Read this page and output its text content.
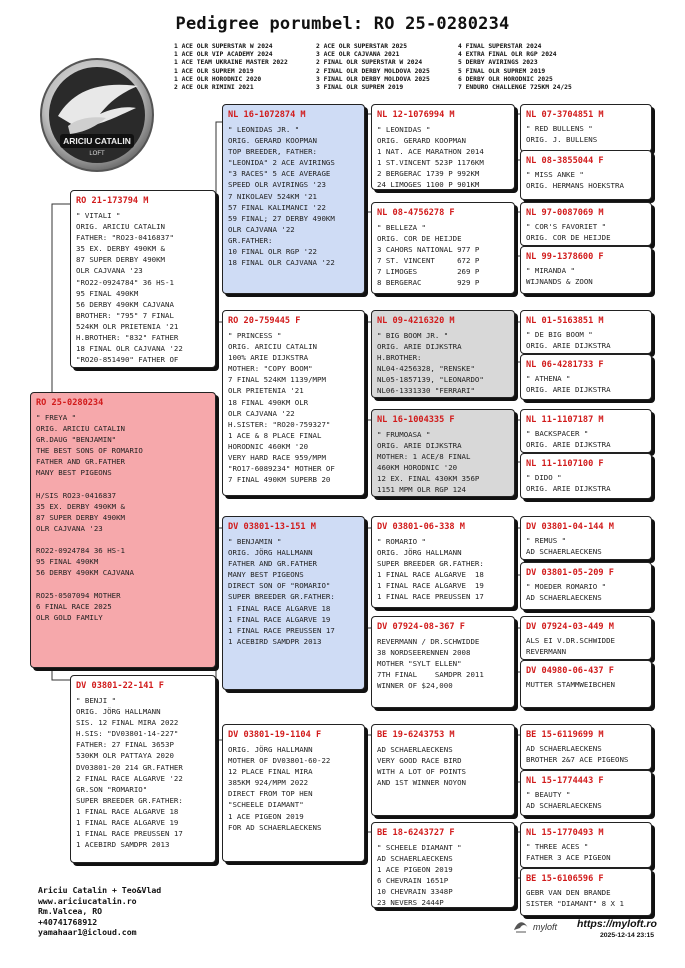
Pedigree porumbel: RO 25-0280234
1 ACE OLR SUPERSTAR W 2024
1 ACE OLR VIP ACADEMY 2024
1 ACE TEAM UKRAINE MASTER 2022
1 ACE OLR SUPREM 2019
1 ACE OLR HORODNIC 2020
2 ACE OLR RIMINI 2021
2 ACE OLR SUPERSTAR 2025
3 ACE OLR CAJVANA 2021
2 FINAL OLR SUPERSTAR W 2024
2 FINAL OLR DERBY MOLDOVA 2025
3 FINAL OLR DERBY MOLDOVA 2025
3 FINAL OLR SUPREM 2019
4 FINAL SUPERSTAR 2024
4 EXTRA FINAL OLR RGP 2024
5 DERBY AVIRINGS 2023
5 FINAL OLR SUPREM 2019
6 DERBY OLR HORODNIC 2025
7 ENDURO CHALLENGE 725KM 24/25
ARICIU CATALIN
LOFT
RO 25-0280234
" FREYA "
ORIG. ARICIU CATALIN
GR.DAUG "BENJAMIN"
THE BEST SONS OF ROMARIO
FATHER AND GR.FATHER
MANY BEST PIGEONS
H/SIS RO23-0416837
35 EX. DERBY 490KM &
87 SUPER DERBY 490KM
OLR CAJVANA '23
RO22-0924784 36 HS-1
95 FINAL 490KM
56 DERBY 490KM CAJVANA
RO25-0507094 MOTHER
6 FINAL RACE 2025
OLR GOLD FAMILY
RO 21-173794 M
" VITALI "
ORIG. ARICIU CATALIN
FATHER: "RO23-0416837"
35 EX. DERBY 490KM &
87 SUPER DERBY 490KM
OLR CAJVANA '23
"RO22-0924784" 36 HS-1
95 FINAL 490KM
56 DERBY 490KM CAJVANA
BROTHER: "795" 7 FINAL
524KM OLR PRIETENIA '21
H.BROTHER: "832" FATHER
18 FINAL OLR CAJVANA '22
"RO20-851490" FATHER OF
DV 03801-22-141 F
" BENJI "
ORIG. JÖRG HALLMANN
SIS. 12 FINAL MIRA 2022
H.SIS: "DV03801-14-227"
FATHER: 27 FINAL 3653P
530KM OLR PATTAYA 2020
DV03801-20 214 GR.FATHER
2 FINAL RACE ALGARVE '22
GR.SON "ROMARIO"
SUPER BREEDER GR.FATHER:
1 FINAL RACE ALGARVE 18
1 FINAL RACE ALGARVE 19
1 FINAL RACE PREUSSEN 17
1 ACEBIRD SAMDPR 2013
NL 16-1072874 M
" LEONIDAS JR. "
ORIG. GERARD KOOPMAN
TOP BREEDER, FATHER:
"LEONIDA" 2 ACE AVIRINGS
"3 RACES" 5 ACE AVERAGE
SPEED OLR AVIRINGS '23
7 NIKOLAEV 524KM '21
57 FINAL KALIMANCI '22
59 FINAL; 27 DERBY 490KM
OLR CAJVANA '22
GR.FATHER:
10 FINAL OLR RGP '22
18 FINAL OLR CAJVANA '22
RO 20-759445 F
" PRINCESS "
ORIG. ARICIU CATALIN
100% ARIE DIJKSTRA
MOTHER: "COPY BOOM"
7 FINAL 524KM 1139/MPM
OLR PRIETENIA '21
18 FINAL 490KM OLR
OLR CAJVANA '22
H.SISTER: "RO20-759327"
1 ACE & 8 PLACE FINAL
HORODNIC 460KM '20
VERY HARD RACE 959/MPM
"RO17-6089234" MOTHER OF
7 FINAL 490KM SUPERB 20
DV 03801-13-151 M
" BENJAMIN "
ORIG. JÖRG HALLMANN
FATHER AND GR.FATHER
MANY BEST PIGEONS
DIRECT SON OF "ROMARIO"
SUPER BREEDER GR.FATHER:
1 FINAL RACE ALGARVE 18
1 FINAL RACE ALGARVE 19
1 FINAL RACE PREUSSEN 17
1 ACEBIRD SAMDPR 2013
DV 03801-19-1104 F
ORIG. JÖRG HALLMANN
MOTHER OF DV03801-60-22
12 PLACE FINAL MIRA
385KM 924/MPM 2022
DIRECT FROM TOP HEN
"SCHEELE DIAMANT"
1 ACE PIGEON 2019
FOR AD SCHAERLAECKENS
NL 12-1076994 M
" LEONIDAS "
ORIG. GERARD KOOPMAN
1 NAT. ACE MARATHON 2014
1 ST.VINCENT 523P 1176KM
2 BERGERAC 1739 P 992KM
24 LIMOGES 1100 P 901KM
NL 08-4756278 F
" BELLEZA "
ORIG. COR DE HEIJDE
3 CAHORS NATIONAL 977 P
7 ST. VINCENT     672 P
7 LIMOGES         269 P
8 BERGERAC        929 P
NL 09-4216320 M
" BIG BOOM JR. "
ORIG. ARIE DIJKSTRA
H.BROTHER:
NL04-4256328, "RENSKE"
NL05-1857139, "LEONARDO"
NL06-1331330 "FERRARI"
NL 16-1004335 F
" FRUMOASA "
ORIG. ARIE DIJKSTRA
MOTHER: 1 ACE/8 FINAL
460KM HORODNIC '20
12 EX. FINAL 430KM 356P
1151 MPM OLR RGP 124
DV 03801-06-338 M
" ROMARIO "
ORIG. JÖRG HALLMANN
SUPER BREEDER GR.FATHER:
1 FINAL RACE ALGARVE  18
1 FINAL RACE ALGARVE  19
1 FINAL RACE PREUSSEN 17
DV 07924-08-367 F
REVERMANN / DR.SCHWIDDE
38 NORDSEERENNEN 2008
MOTHER "SYLT ELLEN"
7TH FINAL    SAMDPR 2011
WINNER OF $24,000
BE 19-6243753 M
AD SCHAERLAECKENS
VERY GOOD RACE BIRD
WITH A LOT OF POINTS
AND 1ST WINNER NOYON
BE 18-6243727 F
" SCHEELE DIAMANT "
AD SCHAERLAECKENS
1 ACE PIGEON 2019
6 CHEVRAIN 1651P
10 CHEVRAIN 3348P
23 NEVERS 2444P
NL 07-3704851 M
" RED BULLENS "
ORIG. J. BULLENS
NL 08-3855044 F
" MISS ANKE "
ORIG. HERMANS HOEKSTRA
NL 97-0087069 M
" COR'S FAVORIET "
ORIG. COR DE HEIJDE
NL 99-1378600 F
" MIRANDA "
WIJNANDS & ZOON
NL 01-5163851 M
" DE BIG BOOM "
ORIG. ARIE DIJKSTRA
NL 06-4281733 F
" ATHENA "
ORIG. ARIE DIJKSTRA
NL 11-1107187 M
" BACKSPACER "
ORIG. ARIE DIJKSTRA
NL 11-1107100 F
" DIDO "
ORIG. ARIE DIJKSTRA
DV 03801-04-144 M
" REMUS "
AD SCHAERLAECKENS
DV 03801-05-209 F
" MOEDER ROMARIO "
AD SCHAERLAECKENS
DV 07924-03-449 M
ALS EI V.DR.SCHWIDDE
REVERMANN
DV 04980-06-437 F
MUTTER STAMMWEIBCHEN
BE 15-6119699 M
AD SCHAERLAECKENS
BROTHER 2&7 ACE PIGEONS
NL 15-1774443 F
" BEAUTY "
AD SCHAERLAECKENS
NL 15-1770493 M
" THREE ACES "
FATHER 3 ACE PIGEON
BE 15-6106596 F
GEBR VAN DEN BRANDE
SISTER "DIAMANT" 8 X 1
Ariciu Catalin + Teo&Vlad
www.ariciucatalin.ro
Rm.Valcea, RO
+40741768912
yamahaar1@icloud.com	myloft https://myloft.ro
2025-12-14 23:15
